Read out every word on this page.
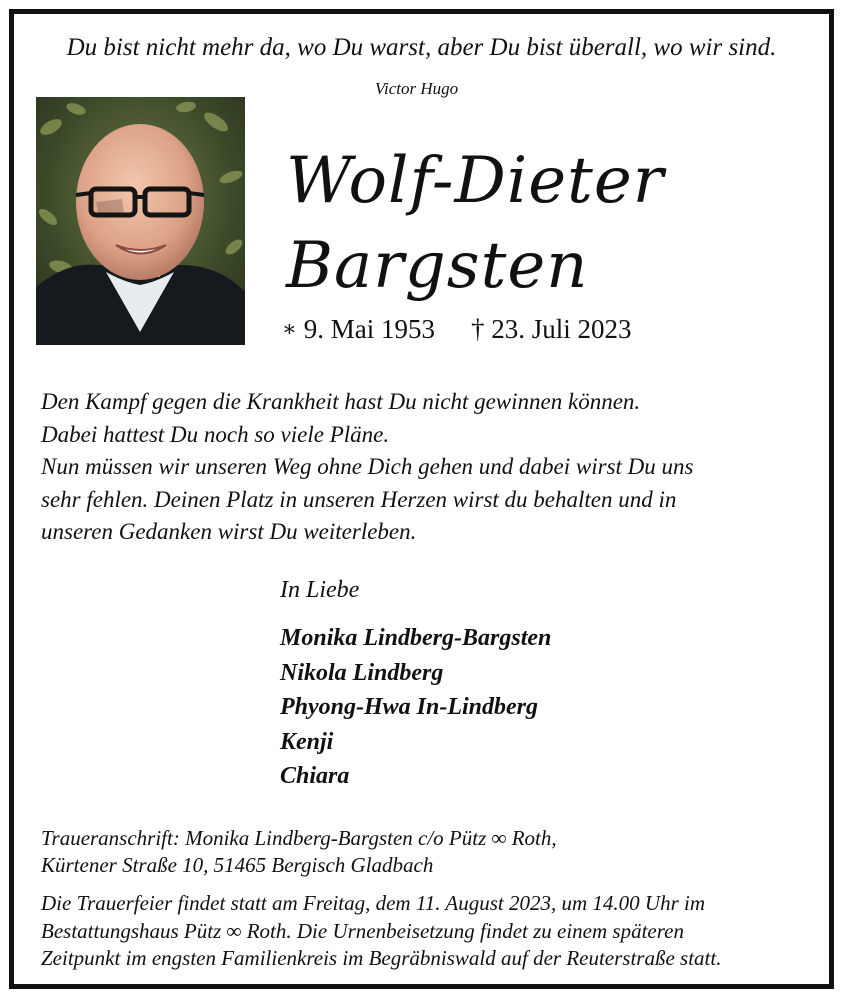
Du bist nicht mehr da, wo Du warst, aber Du bist überall, wo wir sind.
Victor Hugo
Wolf-Dieter
Bargsten
∗ 9. Mai 1953 † 23. Juli 2023

Den Kampf gegen die Krankheit hast Du nicht gewinnen können.

Dabei hattest Du noch so viele Pläne.

Nun müssen wir unseren Weg ohne Dich gehen und dabei wirst Du uns

sehr fehlen. Deinen Platz in unseren Herzen wirst du behalten und in

unseren Gedanken wirst Du weiterleben.

In Liebe
Monika Lindberg-Bargsten
Nikola Lindberg
Phyong-Hwa In-Lindberg
Kenji
Chiara
Traueranschrift: Monika Lindberg-Bargsten c/o Pütz ∞ Roth,
Kürtener Straße 10, 51465 Bergisch Gladbach
Die Trauerfeier findet statt am Freitag, dem 11. August 2023, um 14.00 Uhr im
Bestattungshaus Pütz ∞ Roth. Die Urnenbeisetzung findet zu einem späteren
Zeitpunkt im engsten Familienkreis im Begräbniswald auf der Reuterstraße statt.
